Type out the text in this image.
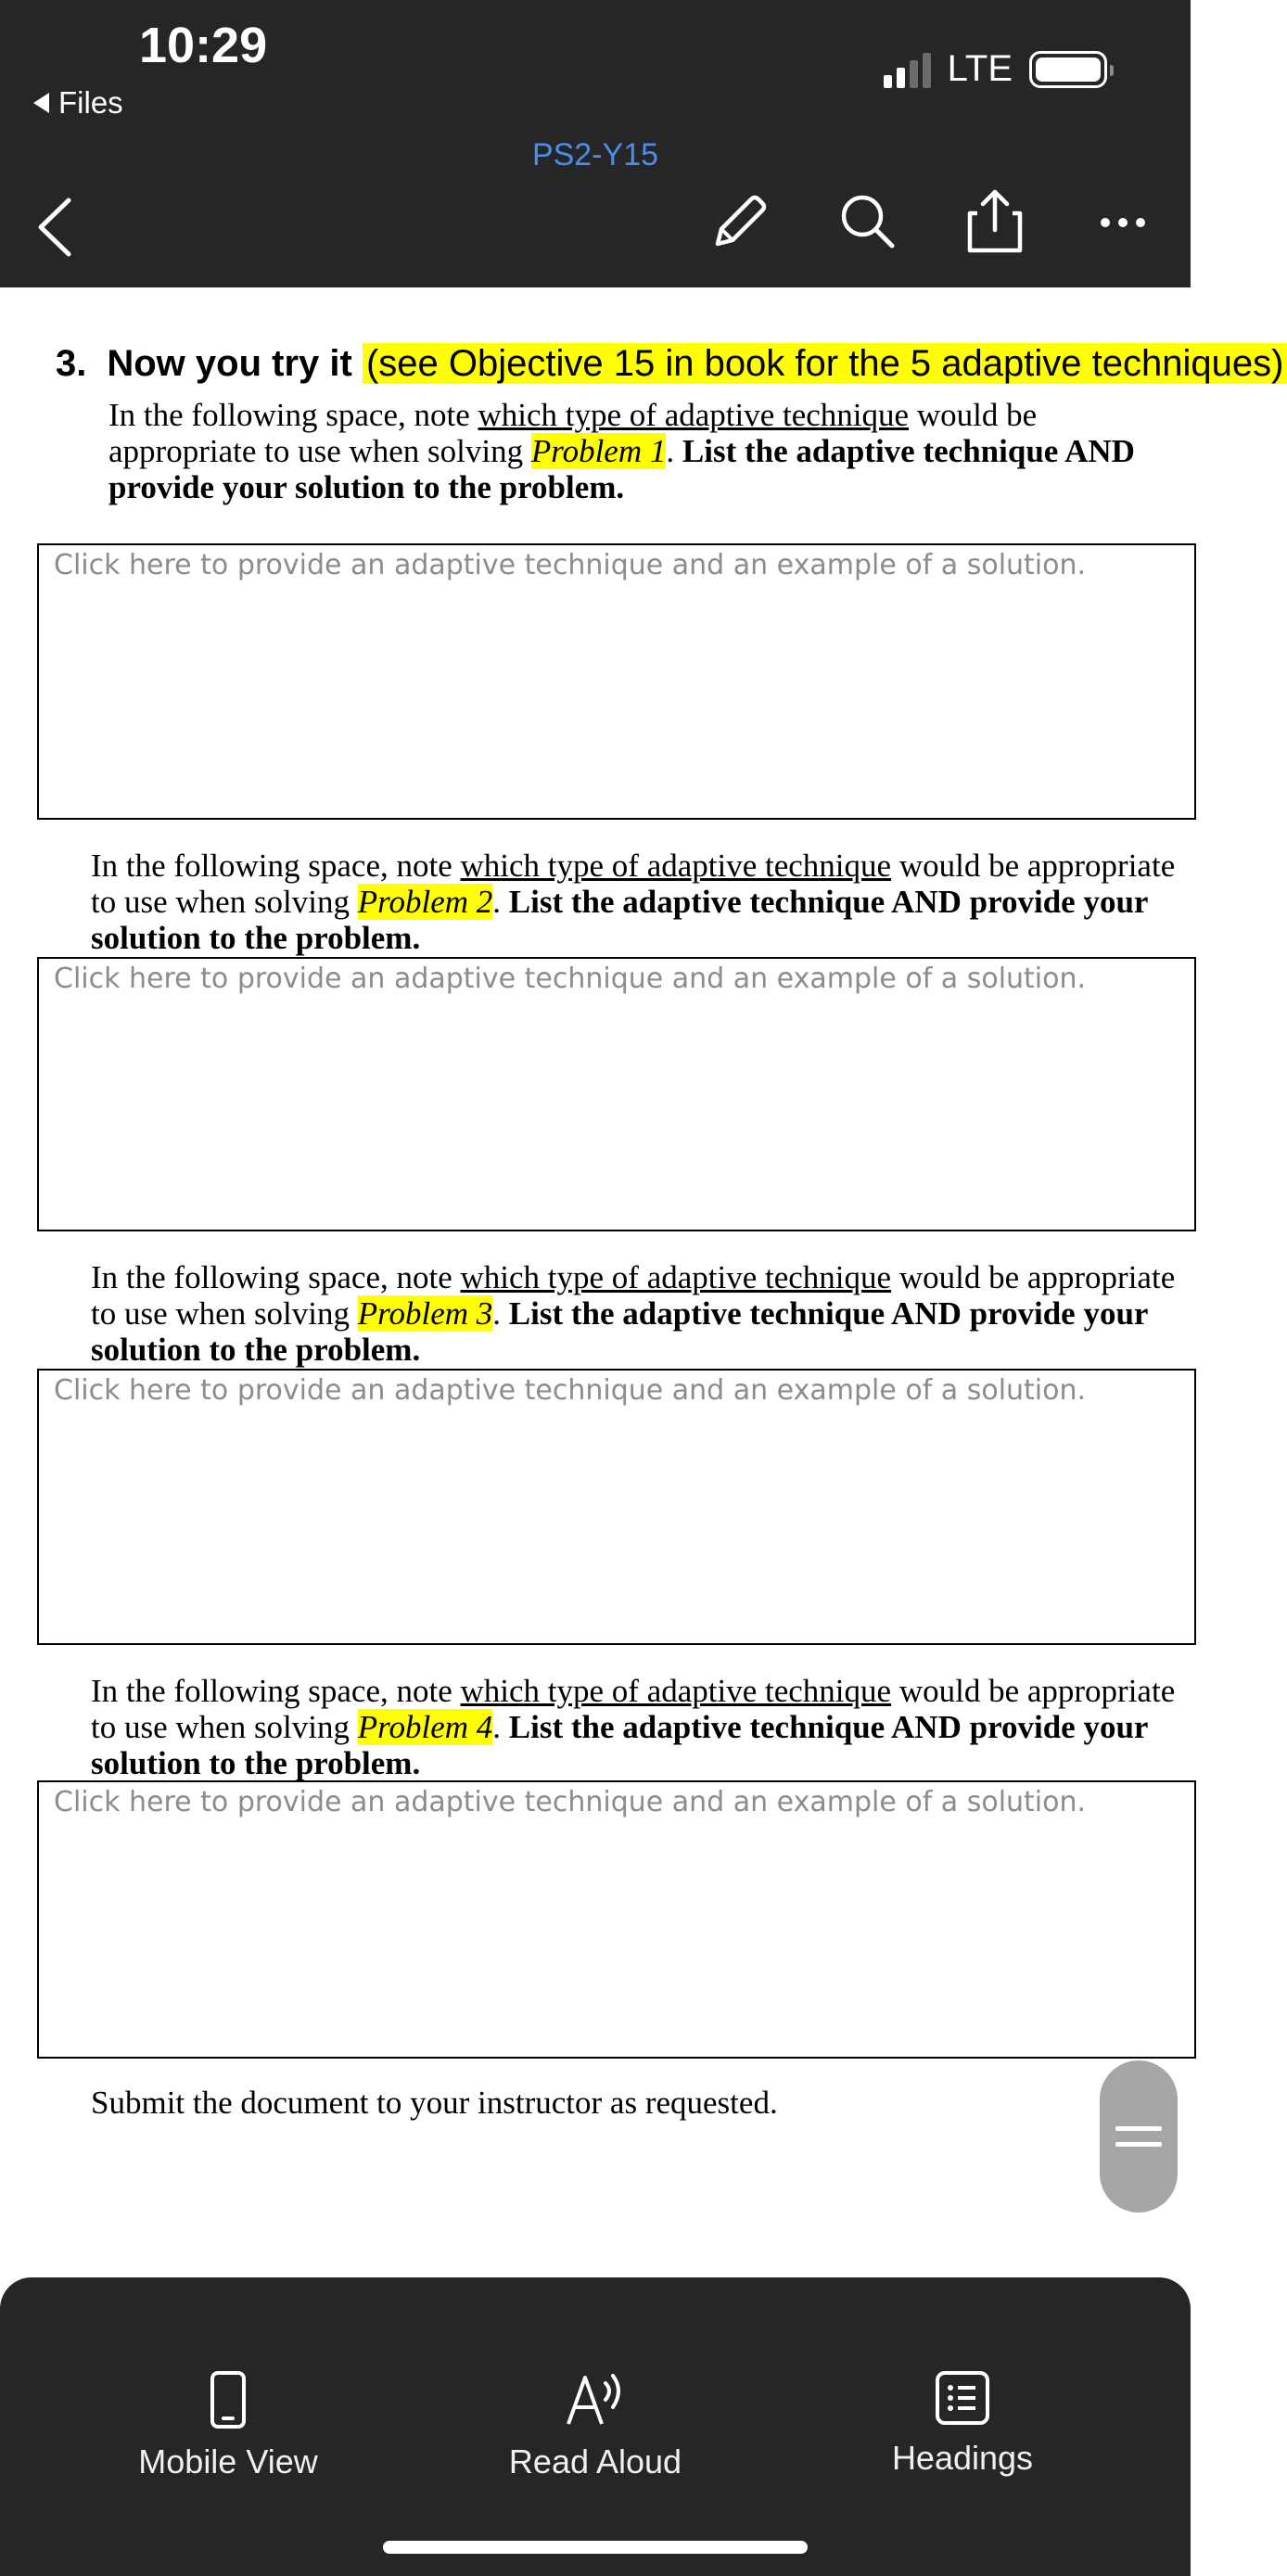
10:29
Files
LTE
PS2-Y15
3. Now you try it (see Objective 15 in book for the 5 adaptive techniques)
In the following space, note which type of adaptive technique would be appropriate to use when solving Problem 1. List the adaptive technique AND provide your solution to the problem.
Click here to provide an adaptive technique and an example of a solution.
In the following space, note which type of adaptive technique would be appropriate to use when solving Problem 2. List the adaptive technique AND provide your solution to the problem.
Click here to provide an adaptive technique and an example of a solution.
In the following space, note which type of adaptive technique would be appropriate to use when solving Problem 3. List the adaptive technique AND provide your solution to the problem.
Click here to provide an adaptive technique and an example of a solution.
In the following space, note which type of adaptive technique would be appropriate to use when solving Problem 4. List the adaptive technique AND provide your solution to the problem.
Click here to provide an adaptive technique and an example of a solution.
Submit the document to your instructor as requested.
Mobile View	Read Aloud	Headings
